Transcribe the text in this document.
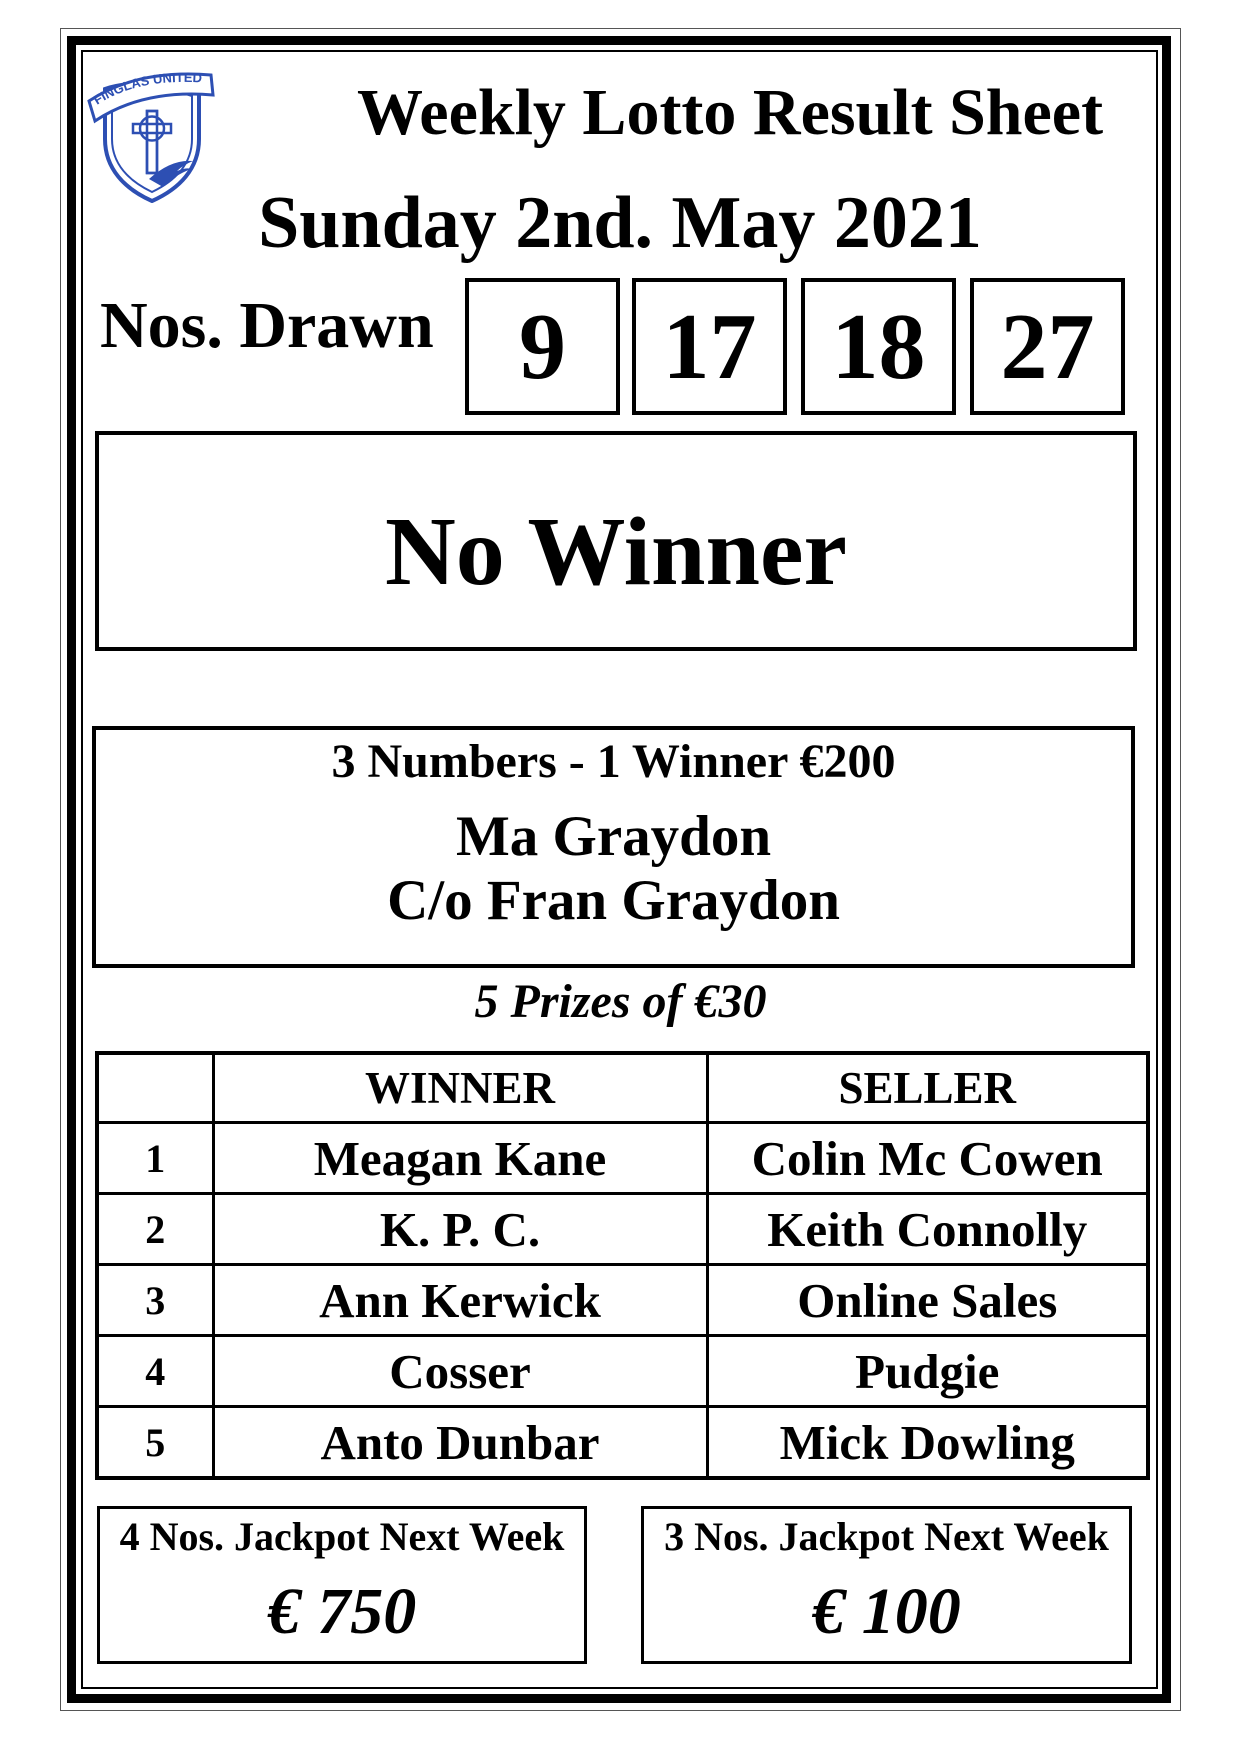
FINGLAS UNITED Weekly Lotto Result Sheet
Sunday 2nd. May 2021
Nos. Drawn 9 17 18 27
No Winner
3 Numbers - 1 Winner €200
Ma Graydon
C/o Fran Graydon
5 Prizes of €30
	WINNER	SELLER
1	Meagan Kane	Colin Mc Cowen
2	K. P. C.	Keith Connolly
3	Ann Kerwick	Online Sales
4	Cosser	Pudgie
5	Anto Dunbar	Mick Dowling
4 Nos. Jackpot Next Week
€ 750
3 Nos. Jackpot Next Week
€ 100
